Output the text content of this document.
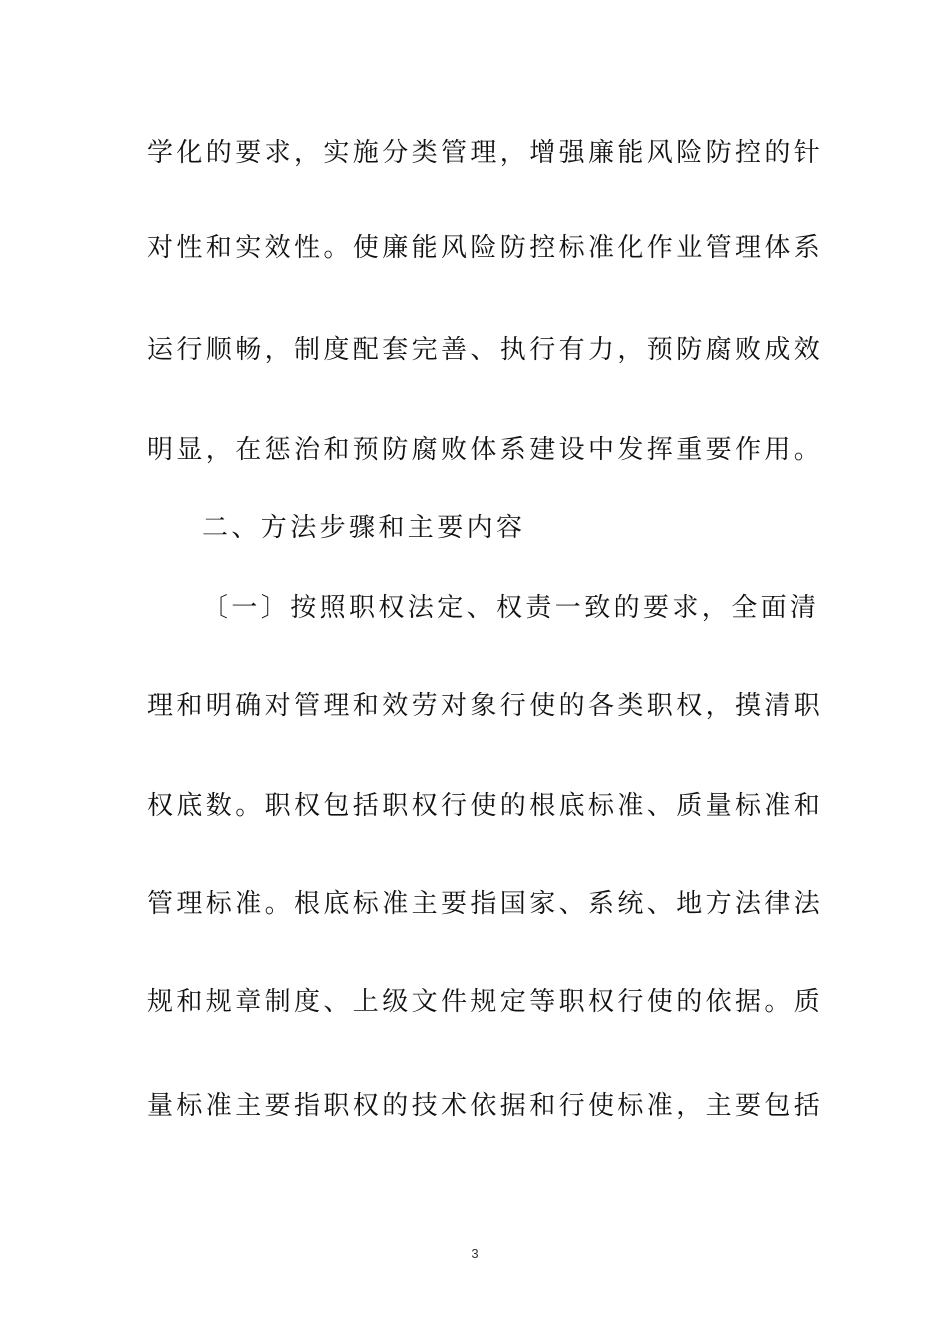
学化的要求，实施分类管理，增强廉能风险防控的针
对性和实效性。使廉能风险防控标准化作业管理体系
运行顺畅，制度配套完善、执行有力，预防腐败成效
明显，在惩治和预防腐败体系建设中发挥重要作用。
二、方法步骤和主要内容
〔一〕按照职权法定、权责一致的要求，全面清
理和明确对管理和效劳对象行使的各类职权，摸清职
权底数。职权包括职权行使的根底标准、质量标准和
管理标准。根底标准主要指国家、系统、地方法律法
规和规章制度、上级文件规定等职权行使的依据。质
量标准主要指职权的技术依据和行使标准，主要包括
3
